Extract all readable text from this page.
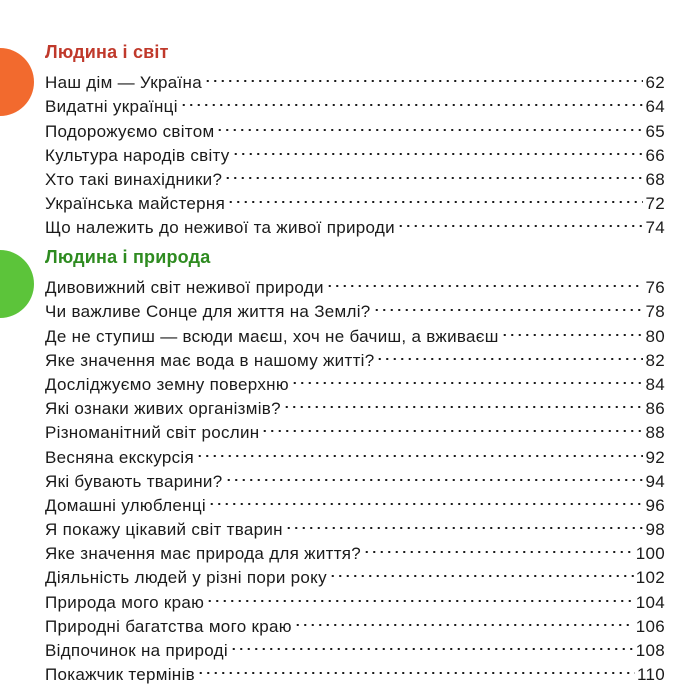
Людина і світ
Наш дім — Україна	62
Видатні українці	64
Подорожуємо світом	65
Культура народів світу	66
Хто такі винахідники?	68
Українська майстерня	72
Що належить до неживої та живої природи	74
Людина і природа
Дивовижний світ неживої природи	76
Чи важливе Сонце для життя на Землі?	78
Де не ступиш — всюди маєш, хоч не бачиш, а вживаєш	80
Яке значення має вода в нашому житті?	82
Досліджуємо земну поверхню	84
Які ознаки живих організмів?	86
Різноманітний світ рослин	88
Весняна екскурсія	92
Які бувають тварини?	94
Домашні улюбленці	96
Я покажу цікавий світ тварин	98
Яке значення має природа для життя?	100
Діяльність людей у різні пори року	102
Природа мого краю	104
Природні багатства мого краю	106
Відпочинок на природі	108
Покажчик термінів	110
